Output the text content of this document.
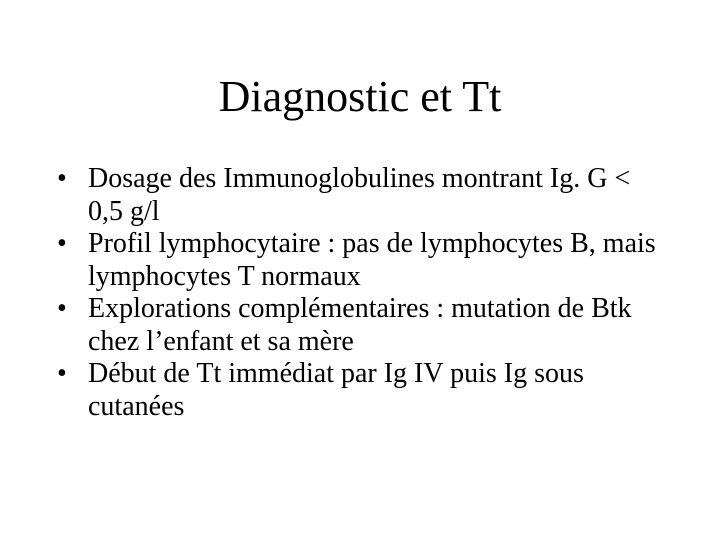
Diagnostic et Tt
• Dosage des Immunoglobulines montrant Ig. G < 0,5 g/l
• Profil lymphocytaire : pas de lymphocytes B, mais lymphocytes T normaux
• Explorations complémentaires : mutation de Btk chez l’enfant et sa mère
• Début de Tt immédiat par Ig IV puis Ig sous cutanées
